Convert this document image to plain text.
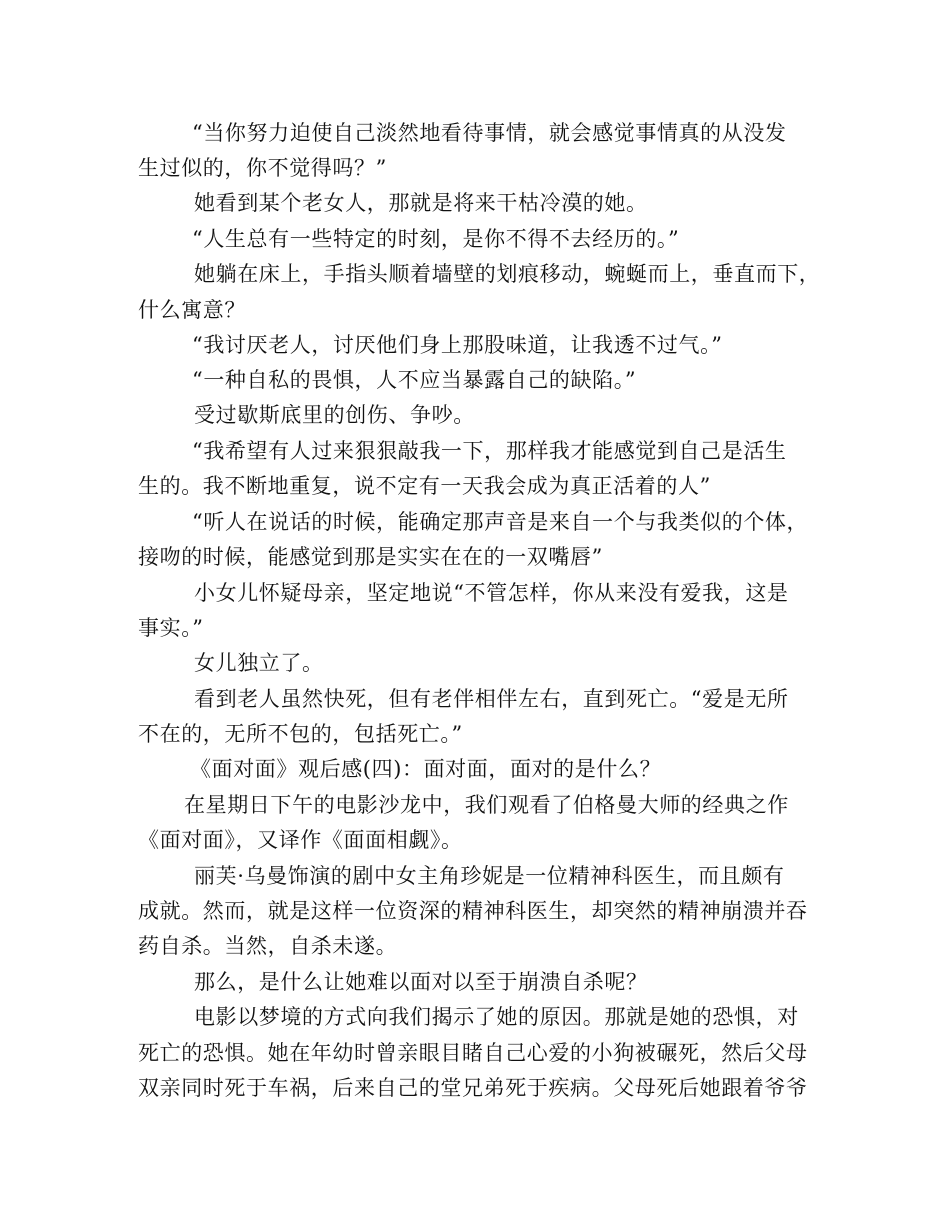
“当你努力迫使自己淡然地看待事情，就会感觉事情真的从没发
生过似的，你不觉得吗？”
她看到某个老女人，那就是将来干枯冷漠的她。
“人生总有一些特定的时刻，是你不得不去经历的。”
她躺在床上，手指头顺着墙壁的划痕移动，蜿蜒而上，垂直而下，
什么寓意？
“我讨厌老人，讨厌他们身上那股味道，让我透不过气。”
“一种自私的畏惧，人不应当暴露自己的缺陷。”
受过歇斯底里的创伤、争吵。
“我希望有人过来狠狠敲我一下，那样我才能感觉到自己是活生
生的。我不断地重复，说不定有一天我会成为真正活着的人”
“听人在说话的时候，能确定那声音是来自一个与我类似的个体，
接吻的时候，能感觉到那是实实在在的一双嘴唇”
小女儿怀疑母亲，坚定地说“不管怎样，你从来没有爱我，这是
事实。”
女儿独立了。
看到老人虽然快死，但有老伴相伴左右，直到死亡。“爱是无所
不在的，无所不包的，包括死亡。”
《面对面》观后感(四)：面对面，面对的是什么？
在星期日下午的电影沙龙中，我们观看了伯格曼大师的经典之作
《面对面》，又译作《面面相觑》。
丽芙·乌曼饰演的剧中女主角珍妮是一位精神科医生，而且颇有
成就。然而，就是这样一位资深的精神科医生，却突然的精神崩溃并吞
药自杀。当然，自杀未遂。
那么，是什么让她难以面对以至于崩溃自杀呢？
电影以梦境的方式向我们揭示了她的原因。那就是她的恐惧，对
死亡的恐惧。她在年幼时曾亲眼目睹自己心爱的小狗被碾死，然后父母
双亲同时死于车祸，后来自己的堂兄弟死于疾病。父母死后她跟着爷爷
